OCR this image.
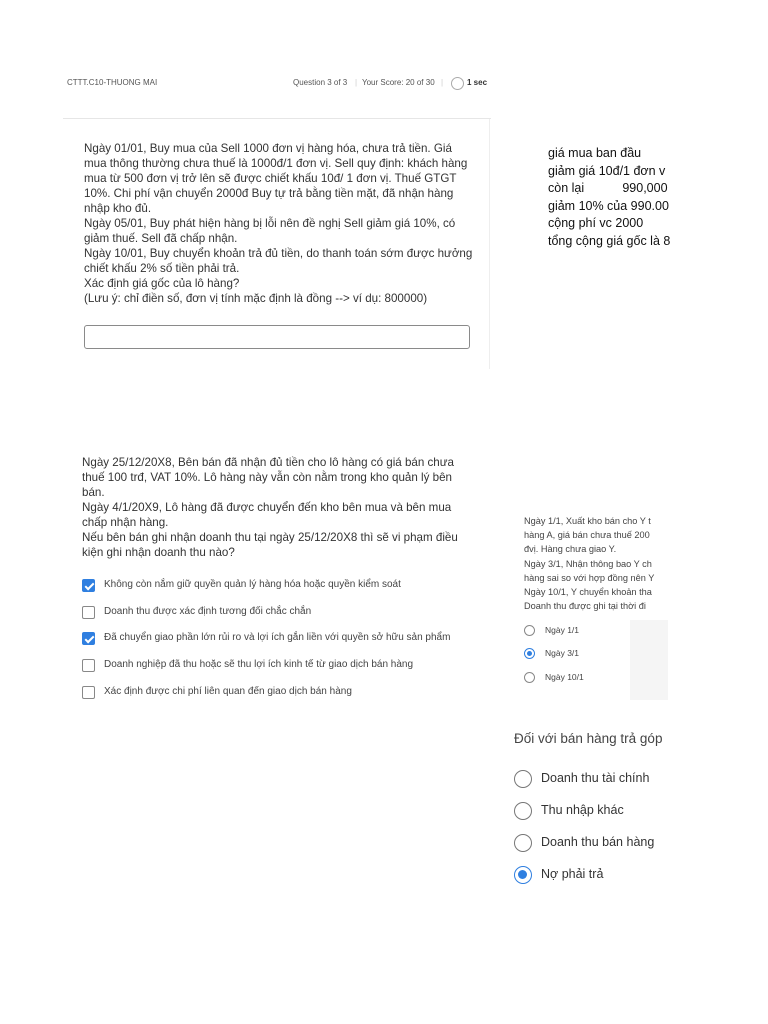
CTTT.C10-THUONG MAI	Question 3 of 3 | Your Score: 20 of 30 |	1 sec
Ngày 01/01, Buy mua của Sell 1000 đơn vị hàng hóa, chưa trả tiền. Giá mua thông thường chưa thuế là 1000đ/1 đơn vị. Sell quy định: khách hàng mua từ 500 đơn vị trở lên sẽ được chiết khấu 10đ/ 1 đơn vị. Thuế GTGT 10%. Chi phí vận chuyển 2000đ Buy tự trả bằng tiền mặt, đã nhận hàng nhập kho đủ.
Ngày 05/01, Buy phát hiện hàng bị lỗi nên đề nghị Sell giảm giá 10%, có giảm thuế. Sell đã chấp nhận.
Ngày 10/01, Buy chuyển khoản trả đủ tiền, do thanh toán sớm được hưởng chiết khấu 2% số tiền phải trả.
Xác định giá gốc của lô hàng?
(Lưu ý: chỉ điền số, đơn vị tính mặc định là đồng --> ví dụ: 800000)
giá mua ban đầu
giảm giá 10đ/1 đơn v
còn lại           990,000
giảm 10% của 990.00
cộng phí vc 2000
tổng cộng giá gốc là 8
Ngày 25/12/20X8, Bên bán đã nhận đủ tiền cho lô hàng có giá bán chưa thuế 100 trđ, VAT 10%. Lô hàng này vẫn còn nằm trong kho quản lý bên bán.
Ngày 4/1/20X9, Lô hàng đã được chuyển đến kho bên mua và bên mua chấp nhận hàng.
Nếu bên bán ghi nhận doanh thu tại ngày 25/12/20X8 thì sẽ vi phạm điều kiện ghi nhận doanh thu nào?
Không còn nắm giữ quyền quản lý hàng hóa hoặc quyền kiểm soát
Doanh thu được xác định tương đối chắc chắn
Đã chuyển giao phần lớn rủi ro và lợi ích gắn liền với quyền sở hữu sản phẩm
Doanh nghiệp đã thu hoặc sẽ thu lợi ích kinh tế từ giao dịch bán hàng
Xác định được chi phí liên quan đến giao dịch bán hàng
Ngày 1/1, Xuất kho bán cho Y t
hàng A, giá bán chưa thuế 200
đvị. Hàng chưa giao Y.
Ngày 3/1, Nhận thông bao Y ch
hàng sai so với hợp đồng nên Y
Ngày 10/1, Y chuyển khoản tha
Doanh thu được ghi tại thời đi
Ngày 1/1
Ngày 3/1
Ngày 10/1
Đối với bán hàng trả góp
Doanh thu tài chính
Thu nhập khác
Doanh thu bán hàng
Nợ phải trả
